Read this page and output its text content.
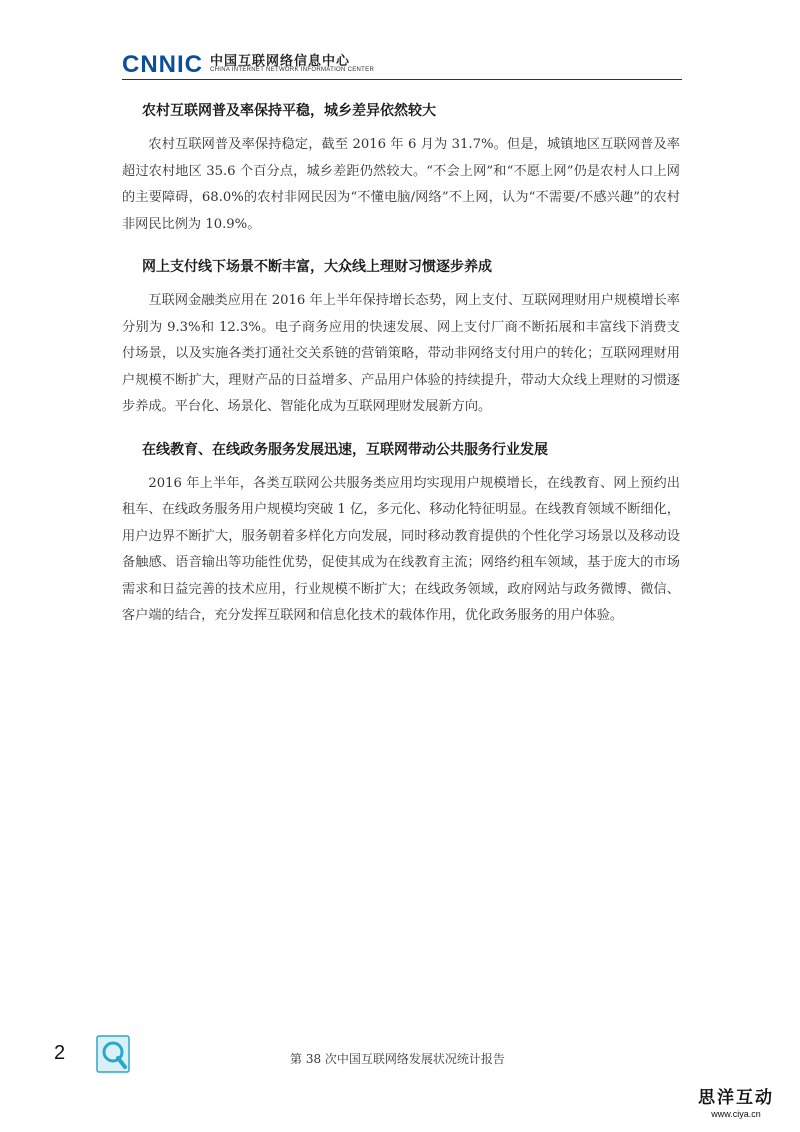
CNNIC 中国互联网络信息中心
CHINA INTERNET NETWORK INFORMATION CENTER
农村互联网普及率保持平稳，城乡差异依然较大

农村互联网普及率保持稳定，截至 2016 年 6 月为 31.7%。但是，城镇地区互联网普及率超过农村地区 35.6 个百分点，城乡差距仍然较大。“不会上网”和“不愿上网”仍是农村人口上网的主要障碍，68.0%的农村非网民因为“不懂电脑/网络”不上网，认为“不需要/不感兴趣”的农村非网民比例为 10.9%。

网上支付线下场景不断丰富，大众线上理财习惯逐步养成

互联网金融类应用在 2016 年上半年保持增长态势，网上支付、互联网理财用户规模增长率分别为 9.3%和 12.3%。电子商务应用的快速发展、网上支付厂商不断拓展和丰富线下消费支付场景，以及实施各类打通社交关系链的营销策略，带动非网络支付用户的转化；互联网理财用户规模不断扩大，理财产品的日益增多、产品用户体验的持续提升，带动大众线上理财的习惯逐步养成。平台化、场景化、智能化成为互联网理财发展新方向。

在线教育、在线政务服务发展迅速，互联网带动公共服务行业发展

2016 年上半年，各类互联网公共服务类应用均实现用户规模增长，在线教育、网上预约出租车、在线政务服务用户规模均突破 1 亿，多元化、移动化特征明显。在线教育领域不断细化，用户边界不断扩大，服务朝着多样化方向发展，同时移动教育提供的个性化学习场景以及移动设备触感、语音输出等功能性优势，促使其成为在线教育主流；网络约租车领域，基于庞大的市场需求和日益完善的技术应用，行业规模不断扩大；在线政务领域，政府网站与政务微博、微信、客户端的结合，充分发挥互联网和信息化技术的载体作用，优化政务服务的用户体验。

2	第 38 次中国互联网络发展状况统计报告
思洋互动
www.ciya.cn
